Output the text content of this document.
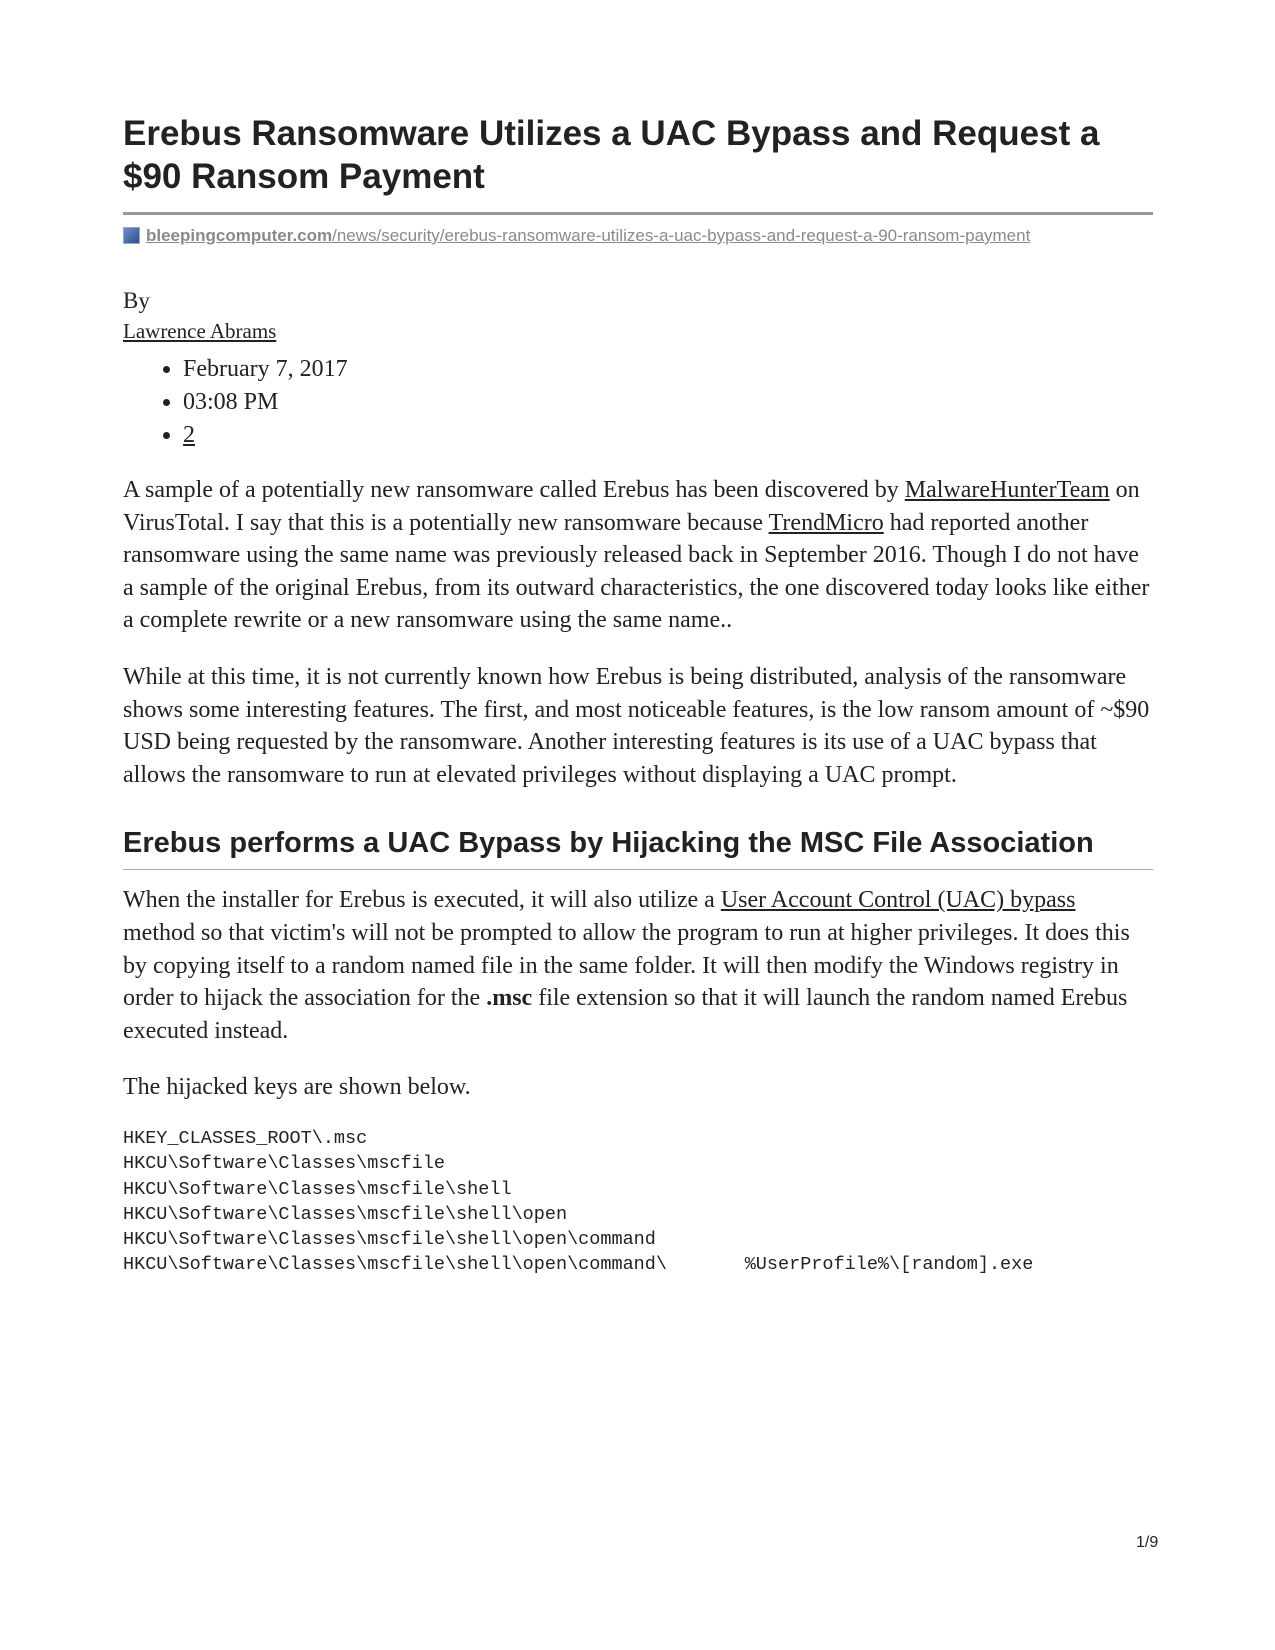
Erebus Ransomware Utilizes a UAC Bypass and Request a $90 Ransom Payment
bleepingcomputer.com/news/security/erebus-ransomware-utilizes-a-uac-bypass-and-request-a-90-ransom-payment
By
Lawrence Abrams
• February 7, 2017
• 03:08 PM
• 2

A sample of a potentially new ransomware called Erebus has been discovered by MalwareHunterTeam on VirusTotal. I say that this is a potentially new ransomware because TrendMicro had reported another ransomware using the same name was previously released back in September 2016. Though I do not have a sample of the original Erebus, from its outward characteristics, the one discovered today looks like either a complete rewrite or a new ransomware using the same name..

While at this time, it is not currently known how Erebus is being distributed, analysis of the ransomware shows some interesting features. The first, and most noticeable features, is the low ransom amount of ~$90 USD being requested by the ransomware. Another interesting features is its use of a UAC bypass that allows the ransomware to run at elevated privileges without displaying a UAC prompt.

Erebus performs a UAC Bypass by Hijacking the MSC File Association

When the installer for Erebus is executed, it will also utilize a User Account Control (UAC) bypass method so that victim's will not be prompted to allow the program to run at higher privileges. It does this by copying itself to a random named file in the same folder. It will then modify the Windows registry in order to hijack the association for the .msc file extension so that it will launch the random named Erebus executed instead.

The hijacked keys are shown below.

HKEY_CLASSES_ROOT\.msc
HKCU\Software\Classes\mscfile
HKCU\Software\Classes\mscfile\shell
HKCU\Software\Classes\mscfile\shell\open
HKCU\Software\Classes\mscfile\shell\open\command
HKCU\Software\Classes\mscfile\shell\open\command\       %UserProfile%\[random].exe
1/9
